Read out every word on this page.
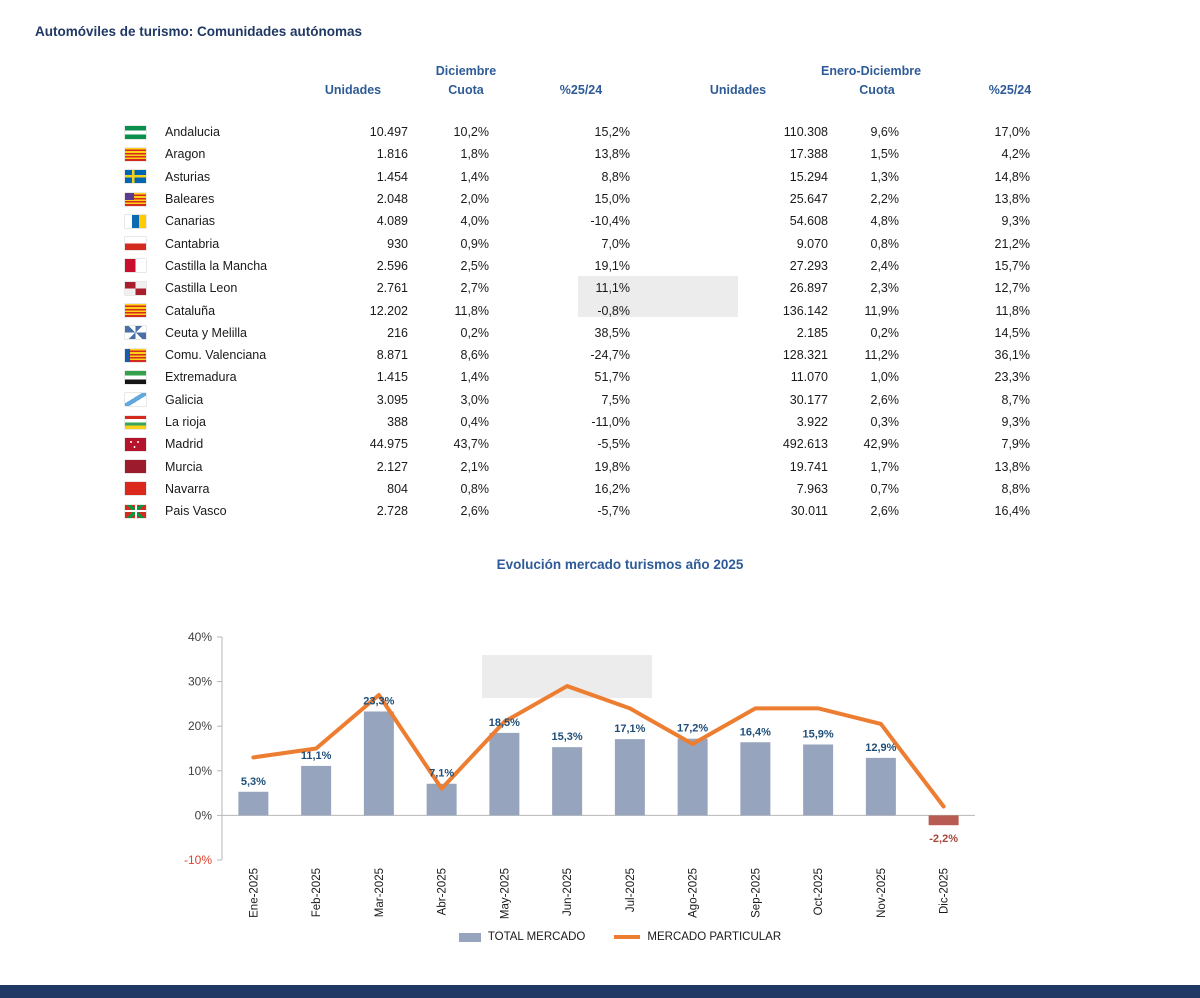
Automóviles de turismo: Comunidades autónomas
Diciembre	Enero-Diciembre
Unidades	Cuota	%25/24	Unidades	Cuota	%25/24
Andalucia	10.497	10,2%	15,2%	110.308	9,6%	17,0%
Aragon	1.816	1,8%	13,8%	17.388	1,5%	4,2%
Asturias	1.454	1,4%	8,8%	15.294	1,3%	14,8%
Baleares	2.048	2,0%	15,0%	25.647	2,2%	13,8%
Canarias	4.089	4,0%	-10,4%	54.608	4,8%	9,3%
Cantabria	930	0,9%	7,0%	9.070	0,8%	21,2%
Castilla la Mancha	2.596	2,5%	19,1%	27.293	2,4%	15,7%
Castilla Leon	2.761	2,7%	11,1%	26.897	2,3%	12,7%
Cataluña	12.202	11,8%	-0,8%	136.142	11,9%	11,8%
Ceuta y Melilla	216	0,2%	38,5%	2.185	0,2%	14,5%
Comu. Valenciana	8.871	8,6%	-24,7%	128.321	11,2%	36,1%
Extremadura	1.415	1,4%	51,7%	11.070	1,0%	23,3%
Galicia	3.095	3,0%	7,5%	30.177	2,6%	8,7%
La rioja	388	0,4%	-11,0%	3.922	0,3%	9,3%
Madrid	44.975	43,7%	-5,5%	492.613	42,9%	7,9%
Murcia	2.127	2,1%	19,8%	19.741	1,7%	13,8%
Navarra	804	0,8%	16,2%	7.963	0,7%	8,8%
Pais Vasco	2.728	2,6%	-5,7%	30.011	2,6%	16,4%
Evolución mercado turismos año 2025
40%
30%
20%
10%
0%
-10%
5,3%
11,1%
23,3%
7,1%
18,5%
15,3%
17,1%	17,2%	16,4%	15,9%
12,9%
-2,2%
Ene-2025	Feb-2025	Mar-2025	Abr-2025	May-2025	Jun-2025	Jul-2025	Ago-2025	Sep-2025	Oct-2025	Nov-2025	Dic-2025
TOTAL MERCADO	MERCADO PARTICULAR
